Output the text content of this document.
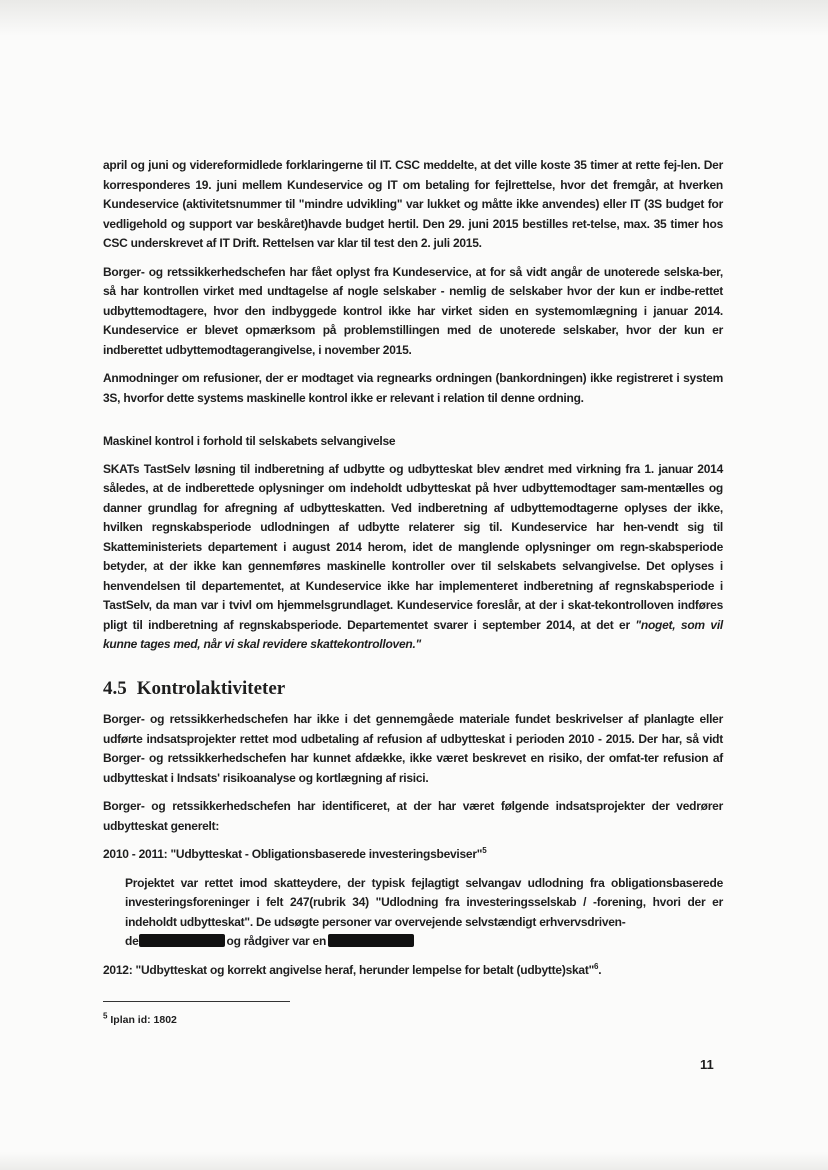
april og juni og videreformidlede forklaringerne til IT. CSC meddelte, at det ville koste 35 timer at rette fej-len. Der korresponderes 19. juni mellem Kundeservice og IT om betaling for fejlrettelse, hvor det fremgår, at hverken Kundeservice (aktivitetsnummer til "mindre udvikling" var lukket og måtte ikke anvendes) eller IT (3S budget for vedligehold og support var beskåret)havde budget hertil. Den 29. juni 2015 bestilles ret-telse, max. 35 timer hos CSC underskrevet af IT Drift. Rettelsen var klar til test den 2. juli 2015.

Borger- og retssikkerhedschefen har fået oplyst fra Kundeservice, at for så vidt angår de unoterede selska-ber, så har kontrollen virket med undtagelse af nogle selskaber - nemlig de selskaber hvor der kun er indbe-rettet udbyttemodtagere, hvor den indbyggede kontrol ikke har virket siden en systemomlægning i januar 2014. Kundeservice er blevet opmærksom på problemstillingen med de unoterede selskaber, hvor der kun er indberettet udbyttemodtagerangivelse, i november 2015.

Anmodninger om refusioner, der er modtaget via regnearks ordningen (bankordningen) ikke registreret i system 3S, hvorfor dette systems maskinelle kontrol ikke er relevant i relation til denne ordning.

Maskinel kontrol i forhold til selskabets selvangivelse

SKATs TastSelv løsning til indberetning af udbytte og udbytteskat blev ændret med virkning fra 1. januar 2014 således, at de indberettede oplysninger om indeholdt udbytteskat på hver udbyttemodtager sam-mentælles og danner grundlag for afregning af udbytteskatten. Ved indberetning af udbyttemodtagerne oplyses der ikke, hvilken regnskabsperiode udlodningen af udbytte relaterer sig til. Kundeservice har hen-vendt sig til Skatteministeriets departement i august 2014 herom, idet de manglende oplysninger om regn-skabsperiode betyder, at der ikke kan gennemføres maskinelle kontroller over til selskabets selvangivelse. Det oplyses i henvendelsen til departementet, at Kundeservice ikke har implementeret indberetning af regnskabsperiode i TastSelv, da man var i tvivl om hjemmelsgrundlaget. Kundeservice foreslår, at der i skat-tekontrolloven indføres pligt til indberetning af regnskabsperiode. Departementet svarer i september 2014, at det er "noget, som vil kunne tages med, når vi skal revidere skattekontrolloven."

4.5 Kontrolaktiviteter

Borger- og retssikkerhedschefen har ikke i det gennemgåede materiale fundet beskrivelser af planlagte eller udførte indsatsprojekter rettet mod udbetaling af refusion af udbytteskat i perioden 2010 - 2015. Der har, så vidt Borger- og retssikkerhedschefen har kunnet afdække, ikke været beskrevet en risiko, der omfat-ter refusion af udbytteskat i Indsats' risikoanalyse og kortlægning af risici.

Borger- og retssikkerhedschefen har identificeret, at der har været følgende indsatsprojekter der vedrører udbytteskat generelt:

2010 - 2011: "Udbytteskat - Obligationsbaserede investeringsbeviser"$^5$
Projektet var rettet imod skatteydere, der typisk fejlagtigt selvangav udlodning fra obligationsbaserede investeringsforeninger i felt 247(rubrik 34) "Udlodning fra investeringsselskab / -forening, hvori der er indeholdt udbytteskat". De udsøgte personer var overvejende selvstændigt erhvervsdriven-
de	og rådgiver var en
2012: "Udbytteskat og korrekt angivelse heraf, herunder lempelse for betalt (udbytte)skat"$^6$.
$^5$ Iplan id: 1802
11
